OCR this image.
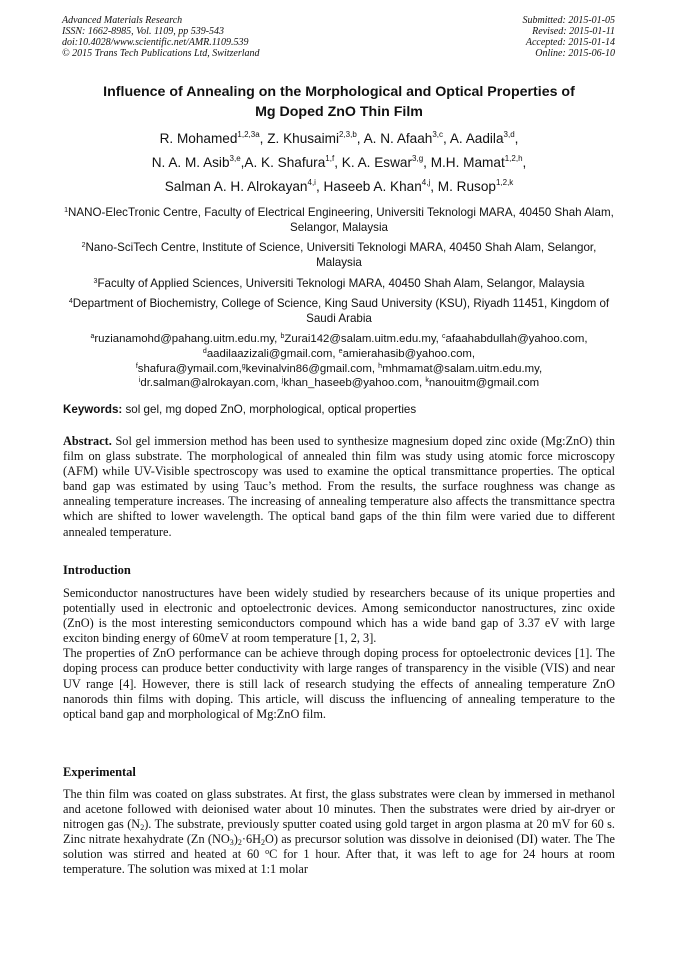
Advanced Materials Research
ISSN: 1662-8985, Vol. 1109, pp 539-543
doi:10.4028/www.scientific.net/AMR.1109.539
© 2015 Trans Tech Publications Ltd, Switzerland
Submitted: 2015-01-05
Revised: 2015-01-11
Accepted: 2015-01-14
Online: 2015-06-10
Influence of Annealing on the Morphological and Optical Properties of
Mg Doped ZnO Thin Film
R. Mohamed$^{1,2,3a}$, Z. Khusaimi$^{2,3,b}$, A. N. Afaah$^{3,c}$, A. Aadila$^{3,d}$,
N. A. M. Asib$^{3,e}$,A. K. Shafura$^{1,f}$, K. A. Eswar$^{3,g}$, M.H. Mamat$^{1,2,h}$,
Salman A. H. Alrokayan$^{4,i}$, Haseeb A. Khan$^{4,j}$, M. Rusop$^{1,2,k}$
$^1$NANO-ElecTronic Centre, Faculty of Electrical Engineering, Universiti Teknologi MARA, 40450 Shah Alam, Selangor, Malaysia
$^2$Nano-SciTech Centre, Institute of Science, Universiti Teknologi MARA, 40450 Shah Alam, Selangor, Malaysia
$^3$Faculty of Applied Sciences, Universiti Teknologi MARA, 40450 Shah Alam, Selangor, Malaysia
$^4$Department of Biochemistry, College of Science, King Saud University (KSU), Riyadh 11451, Kingdom of Saudi Arabia
$^a$ruzianamohd@pahang.uitm.edu.my, $^b$Zurai142@salam.uitm.edu.my, $^c$afaahabdullah@yahoo.com,
$^d$aadilaazizali@gmail.com, $^e$amierahasib@yahoo.com,
$^f$shafura@ymail.com,$^g$kevinalvin86@gmail.com, $^h$mhmamat@salam.uitm.edu.my,
$^i$dr.salman@alrokayan.com, $^j$khan_haseeb@yahoo.com, $^k$nanouitm@gmail.com
Keywords: sol gel, mg doped ZnO, morphological, optical properties

Abstract. Sol gel immersion method has been used to synthesize magnesium doped zinc oxide (Mg:ZnO) thin film on glass substrate. The morphological of annealed thin film was study using atomic force microscopy (AFM) while UV-Visible spectroscopy was used to examine the optical transmittance properties. The optical band gap was estimated by using Tauc’s method. From the results, the surface roughness was change as annealing temperature increases. The increasing of annealing temperature also affects the transmittance spectra which are shifted to lower wavelength. The optical band gaps of the thin film were varied due to different annealed temperature.

Introduction

Semiconductor nanostructures have been widely studied by researchers because of its unique properties and potentially used in electronic and optoelectronic devices. Among semiconductor nanostructures, zinc oxide (ZnO) is the most interesting semiconductors compound which has a wide band gap of 3.37 eV with large exciton binding energy of 60meV at room temperature [1, 2, 3].

The properties of ZnO performance can be achieve through doping process for optoelectronic devices [1]. The doping process can produce better conductivity with large ranges of transparency in the visible (VIS) and near UV range [4]. However, there is still lack of research studying the effects of annealing temperature ZnO nanorods thin films with doping. This article, will discuss the influencing of annealing temperature to the optical band gap and morphological of Mg:ZnO film.

Experimental

The thin film was coated on glass substrates. At first, the glass substrates were clean by immersed in methanol and acetone followed with deionised water about 10 minutes. Then the substrates were dried by air-dryer or nitrogen gas $(N_2)$. The substrate, previously sputter coated using gold target in argon plasma at 20 mV for 60 s. Zinc nitrate hexahydrate (Zn $(NO_3)_2\cdot 6H_2O$) as precursor solution was dissolve in deionised (DI) water. The The solution was stirred and heated at 60 $^o$C for 1 hour. After that, it was left to age for 24 hours at room temperature. The solution was mixed at 1:1 molar
